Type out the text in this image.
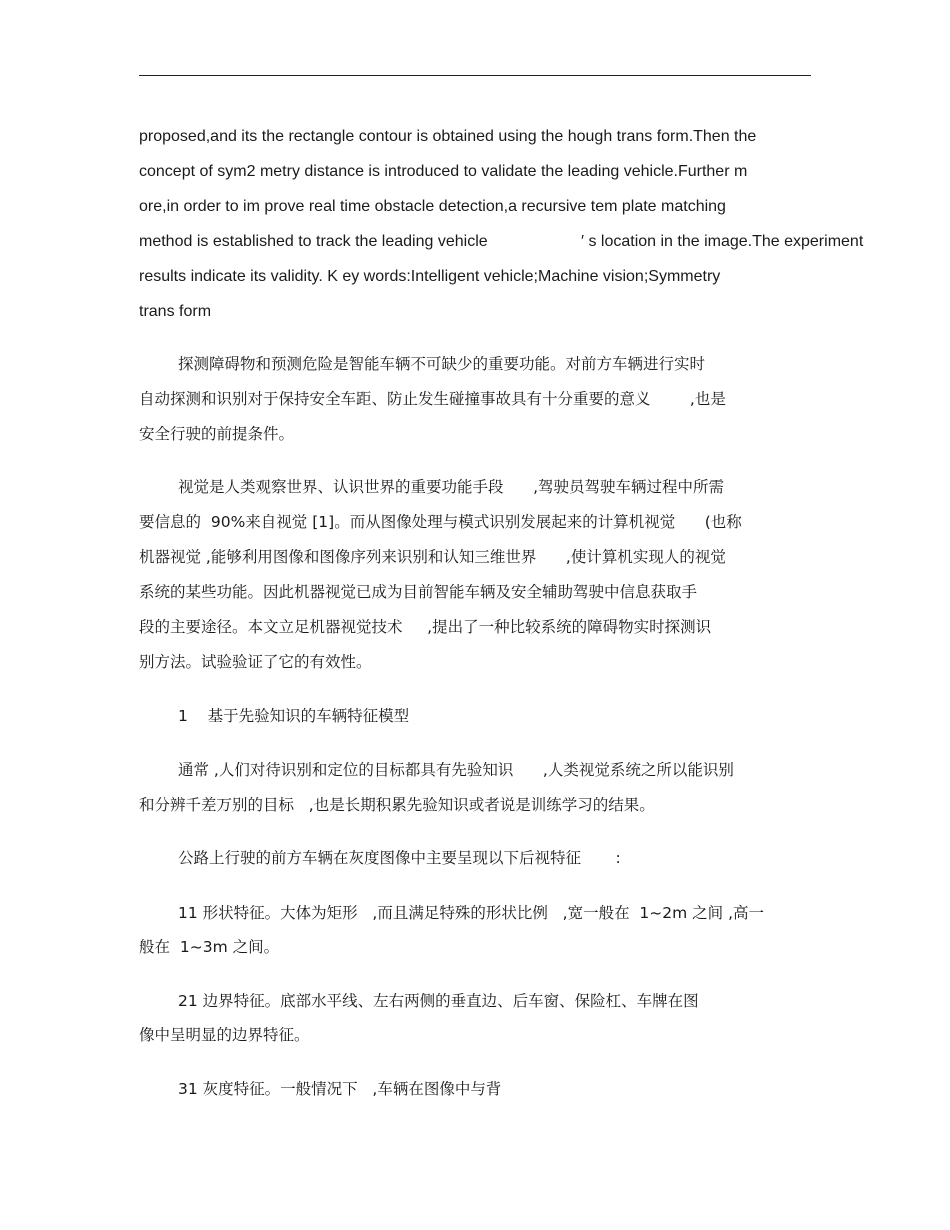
proposed,and its the rectangle contour is obtained using the hough trans form.Then the
concept of sym2 metry distance is introduced to validate the leading vehicle.Further m
ore,in order to im prove real time obstacle detection,a recursive tem plate matching
method is established to track the leading vehicle                     ′ s location in the image.The experiment
results indicate its validity. K ey words:Intelligent vehicle;Machine vision;Symmetry
trans form
探测障碍物和预测危险是智能车辆不可缺少的重要功能。对前方车辆进行实时
自动探测和识别对于保持安全车距、防止发生碰撞事故具有十分重要的意义        ,也是
安全行驶的前提条件。
视觉是人类观察世界、认识世界的重要功能手段      ,驾驶员驾驶车辆过程中所需
要信息的  90%来自视觉 [1]。而从图像处理与模式识别发展起来的计算机视觉      (也称
机器视觉 ,能够利用图像和图像序列来识别和认知三维世界      ,使计算机实现人的视觉
系统的某些功能。因此机器视觉已成为目前智能车辆及安全辅助驾驶中信息获取手
段的主要途径。本文立足机器视觉技术     ,提出了一种比较系统的障碍物实时探测识
别方法。试验验证了它的有效性。
1    基于先验知识的车辆特征模型
通常 ,人们对待识别和定位的目标都具有先验知识      ,人类视觉系统之所以能识别
和分辨千差万别的目标   ,也是长期积累先验知识或者说是训练学习的结果。
公路上行驶的前方车辆在灰度图像中主要呈现以下后视特征       :
11 形状特征。大体为矩形   ,而且满足特殊的形状比例   ,宽一般在  1~2m 之间 ,高一
般在  1~3m 之间。
21 边界特征。底部水平线、左右两侧的垂直边、后车窗、保险杠、车牌在图
像中呈明显的边界特征。
31 灰度特征。一般情况下   ,车辆在图像中与背
